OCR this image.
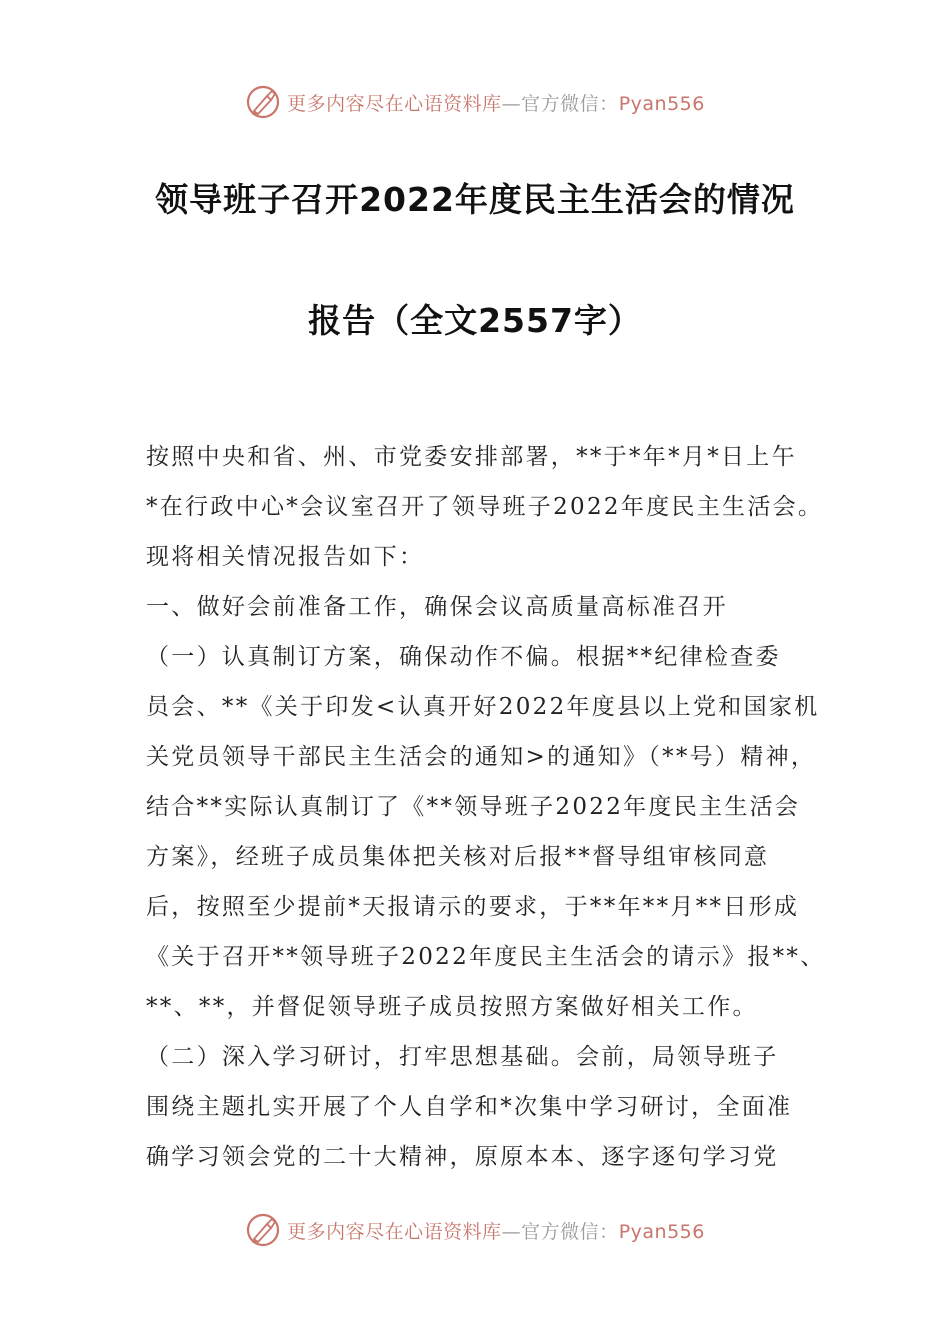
更多内容尽在心语资料库—官方微信：Pyan556
领导班子召开2022年度民主生活会的情况
报告（全文2557字）
按照中央和省、州、市党委安排部署，**于*年*月*日上午
*在行政中心*会议室召开了领导班子2022年度民主生活会。
现将相关情况报告如下：
一、做好会前准备工作，确保会议高质量高标准召开
（一）认真制订方案，确保动作不偏。根据**纪律检查委
员会、**《关于印发<认真开好2022年度县以上党和国家机
关党员领导干部民主生活会的通知>的通知》（**号）精神，
结合**实际认真制订了《**领导班子2022年度民主生活会
方案》，经班子成员集体把关核对后报**督导组审核同意
后，按照至少提前*天报请示的要求，于**年**月**日形成
《关于召开**领导班子2022年度民主生活会的请示》报**、
**、**，并督促领导班子成员按照方案做好相关工作。
（二）深入学习研讨，打牢思想基础。会前，局领导班子
围绕主题扎实开展了个人自学和*次集中学习研讨，全面准
确学习领会党的二十大精神，原原本本、逐字逐句学习党
更多内容尽在心语资料库—官方微信：Pyan556
